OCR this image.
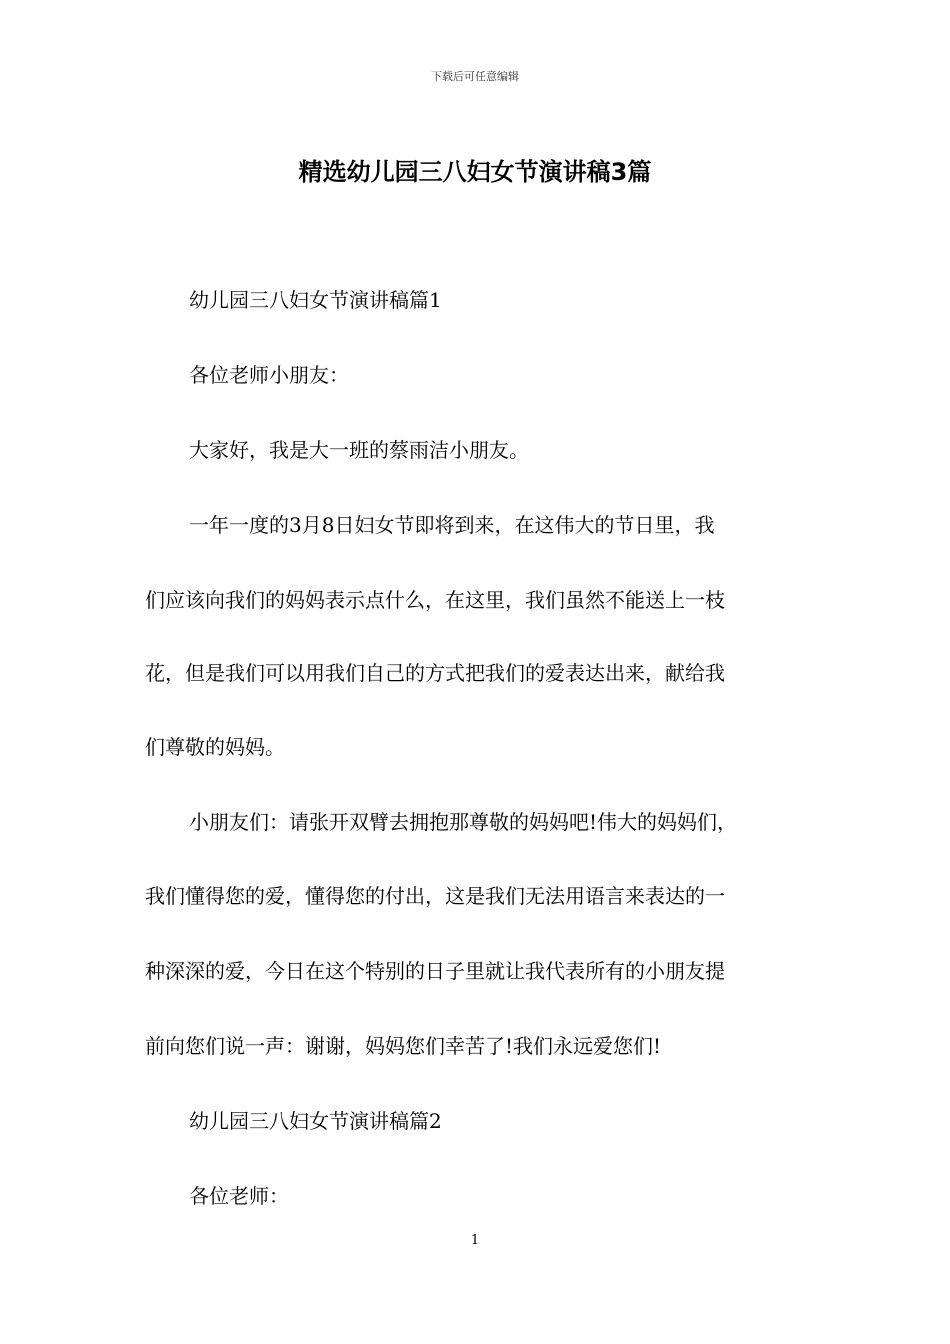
下载后可任意编辑
精选幼儿园三八妇女节演讲稿3篇
幼儿园三八妇女节演讲稿篇1
各位老师小朋友：
大家好，我是大一班的蔡雨洁小朋友。
一年一度的3月8日妇女节即将到来，在这伟大的节日里，我
们应该向我们的妈妈表示点什么，在这里，我们虽然不能送上一枝
花，但是我们可以用我们自己的方式把我们的爱表达出来，献给我
们尊敬的妈妈。
小朋友们：请张开双臂去拥抱那尊敬的妈妈吧!伟大的妈妈们，
我们懂得您的爱，懂得您的付出，这是我们无法用语言来表达的一
种深深的爱，今日在这个特别的日子里就让我代表所有的小朋友提
前向您们说一声：谢谢，妈妈您们幸苦了!我们永远爱您们!
幼儿园三八妇女节演讲稿篇2
各位老师：
1
